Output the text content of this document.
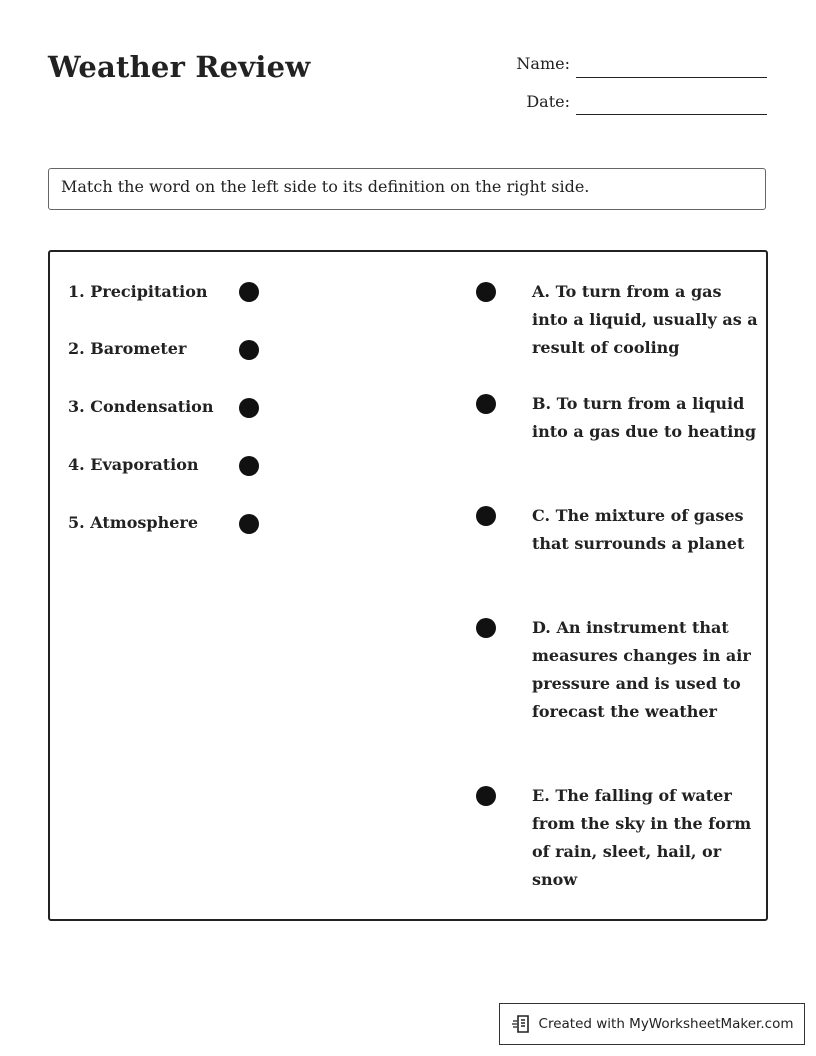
Weather Review	Name:
Date:
Match the word on the left side to its definition on the right side.
1. Precipitation
2. Barometer
3. Condensation
4. Evaporation
5. Atmosphere
A. To turn from a gas into a liquid, usually as a result of cooling
B. To turn from a liquid into a gas due to heating
C. The mixture of gases that surrounds a planet
D. An instrument that measures changes in air pressure and is used to forecast the weather
E. The falling of water from the sky in the form of rain, sleet, hail, or snow
Created with MyWorksheetMaker.com
